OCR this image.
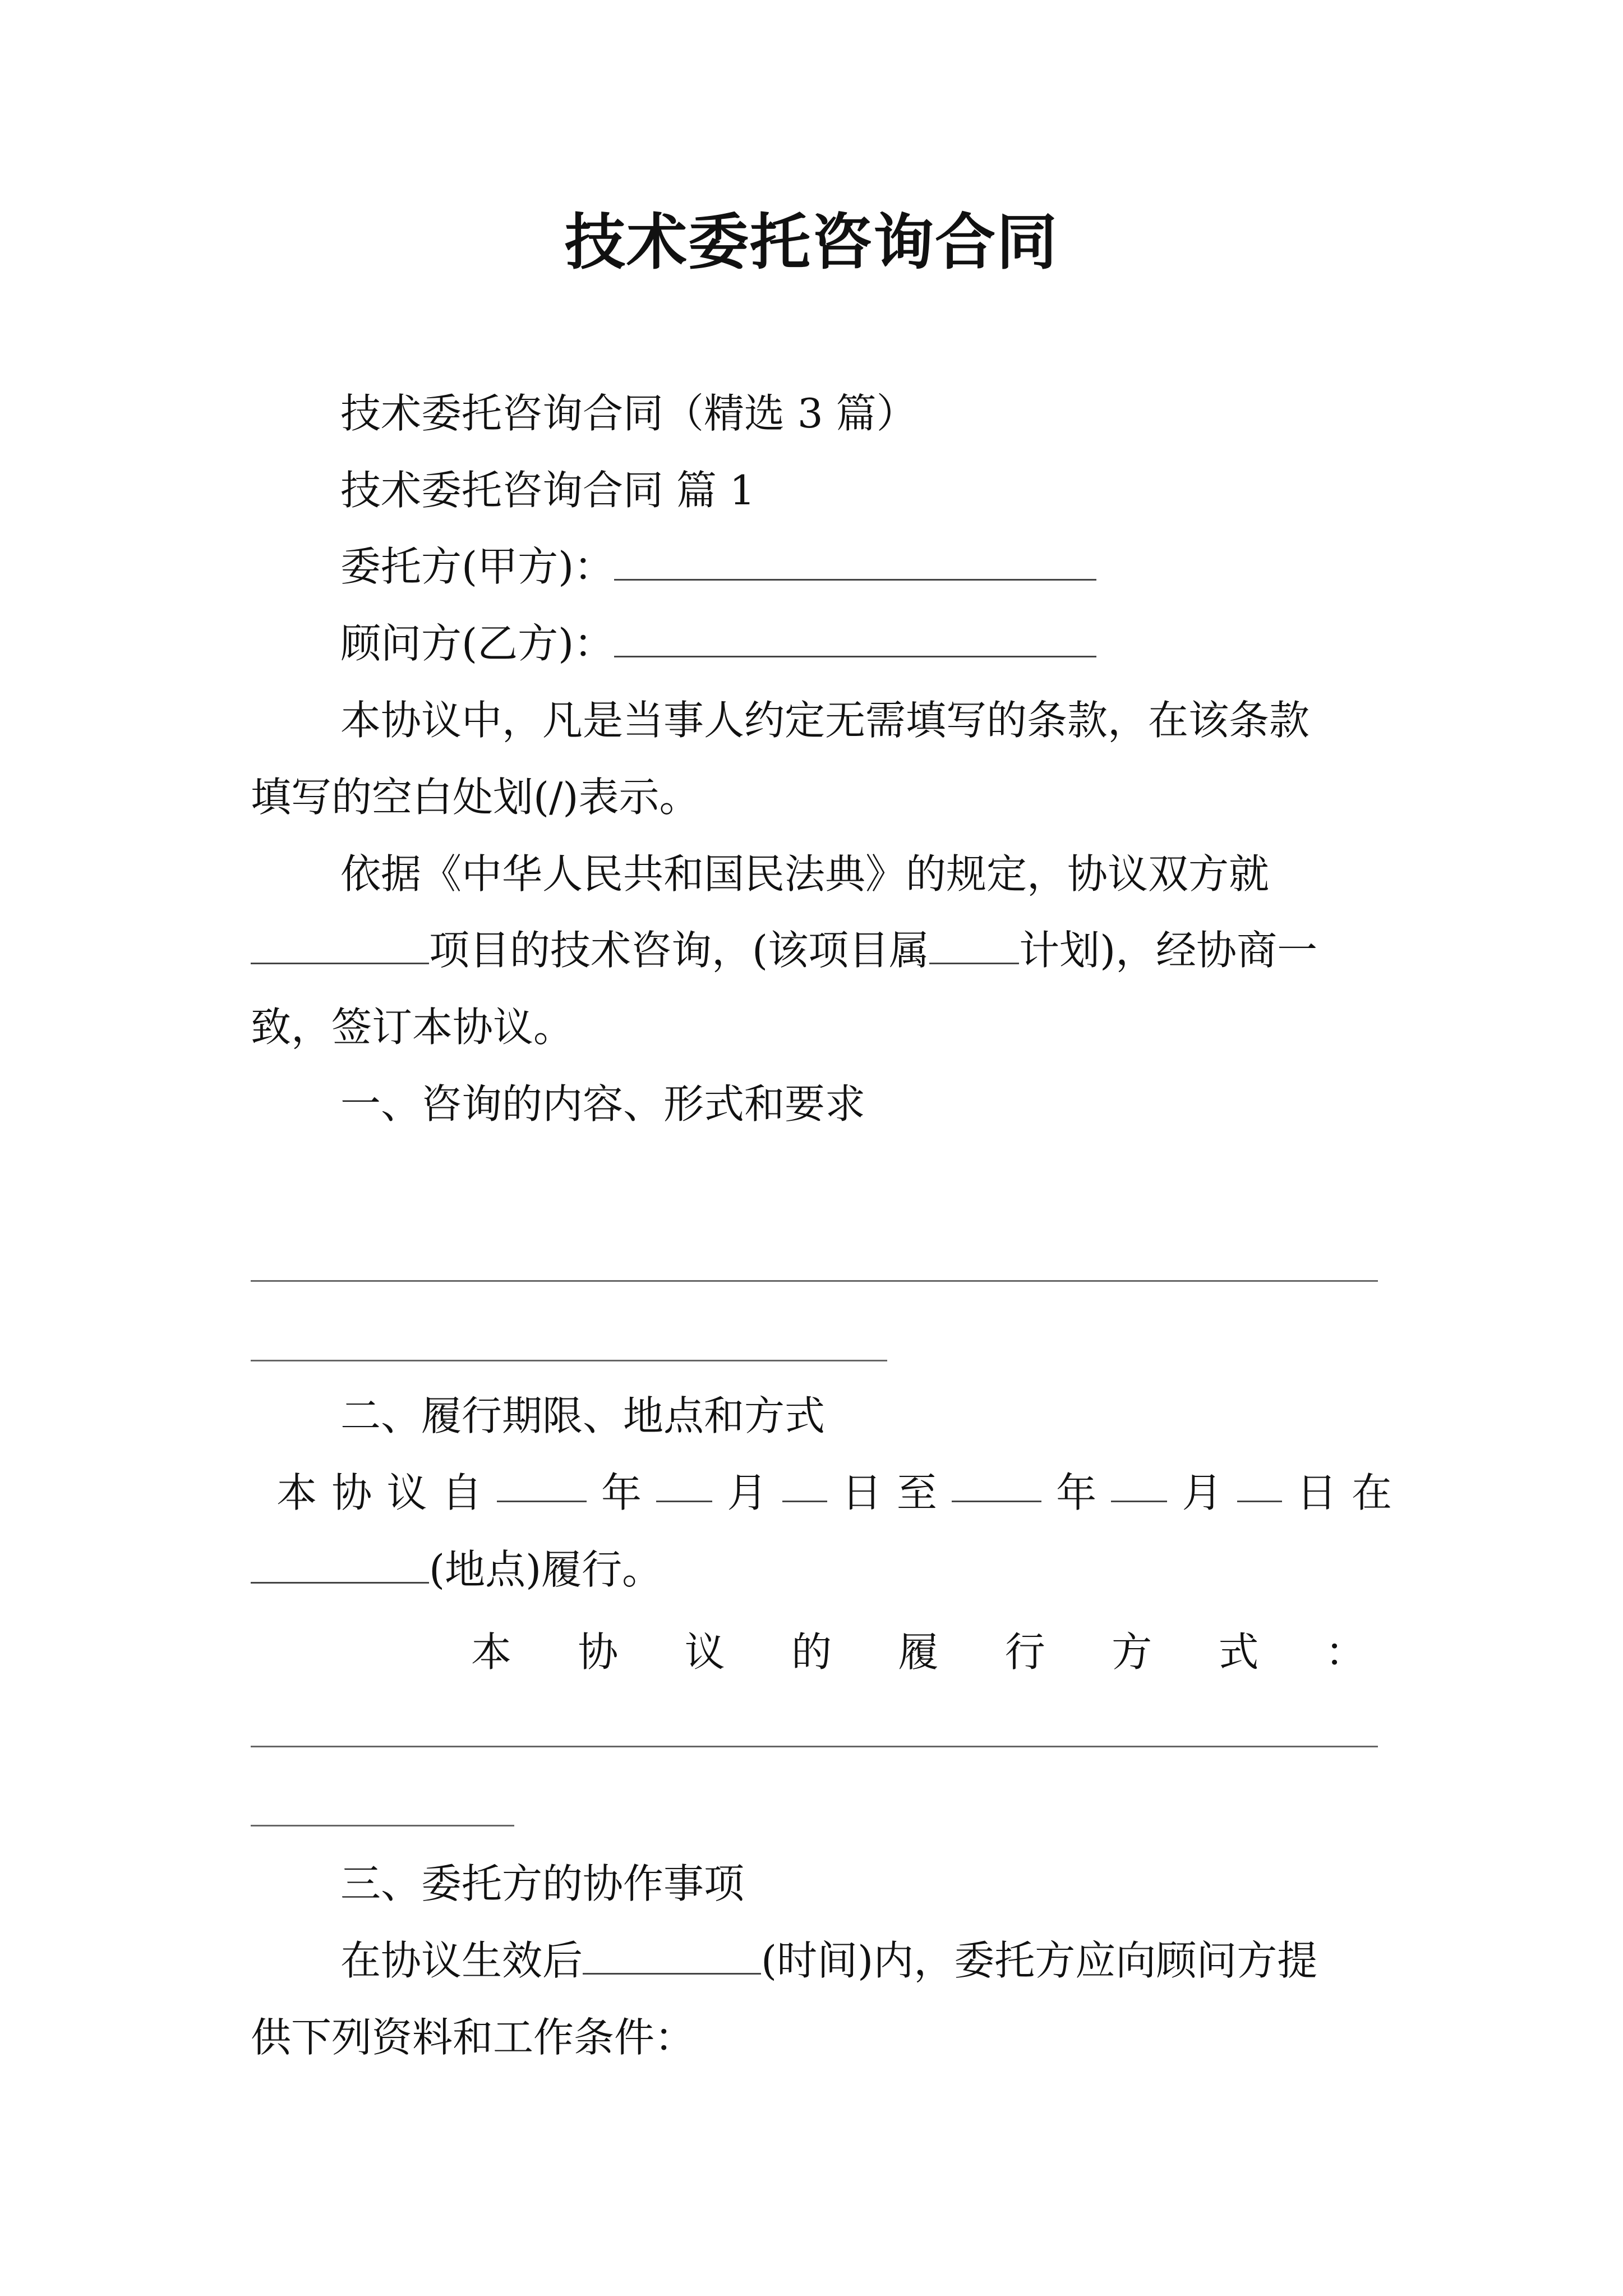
技术委托咨询合同
技术委托咨询合同（精选 3 篇）
技术委托咨询合同 篇 1
委托方(甲方)：
顾问方(乙方)：
本协议中，凡是当事人约定无需填写的条款，在该条款
填写的空白处划(/)表示。
依据《中华人民共和国民法典》的规定，协议双方就
项目的技术咨询，(该项目属 计划)，经协商一
致，签订本协议。
一、咨询的内容、形式和要求
二、履行期限、地点和方式
本 协 议 自	年 月 日 至	年 月 日 在
(地点)履行。
本 协 议 的 履 行 方 式 ：
三、委托方的协作事项
在协议生效后	(时间)内，委托方应向顾问方提
供下列资料和工作条件：
